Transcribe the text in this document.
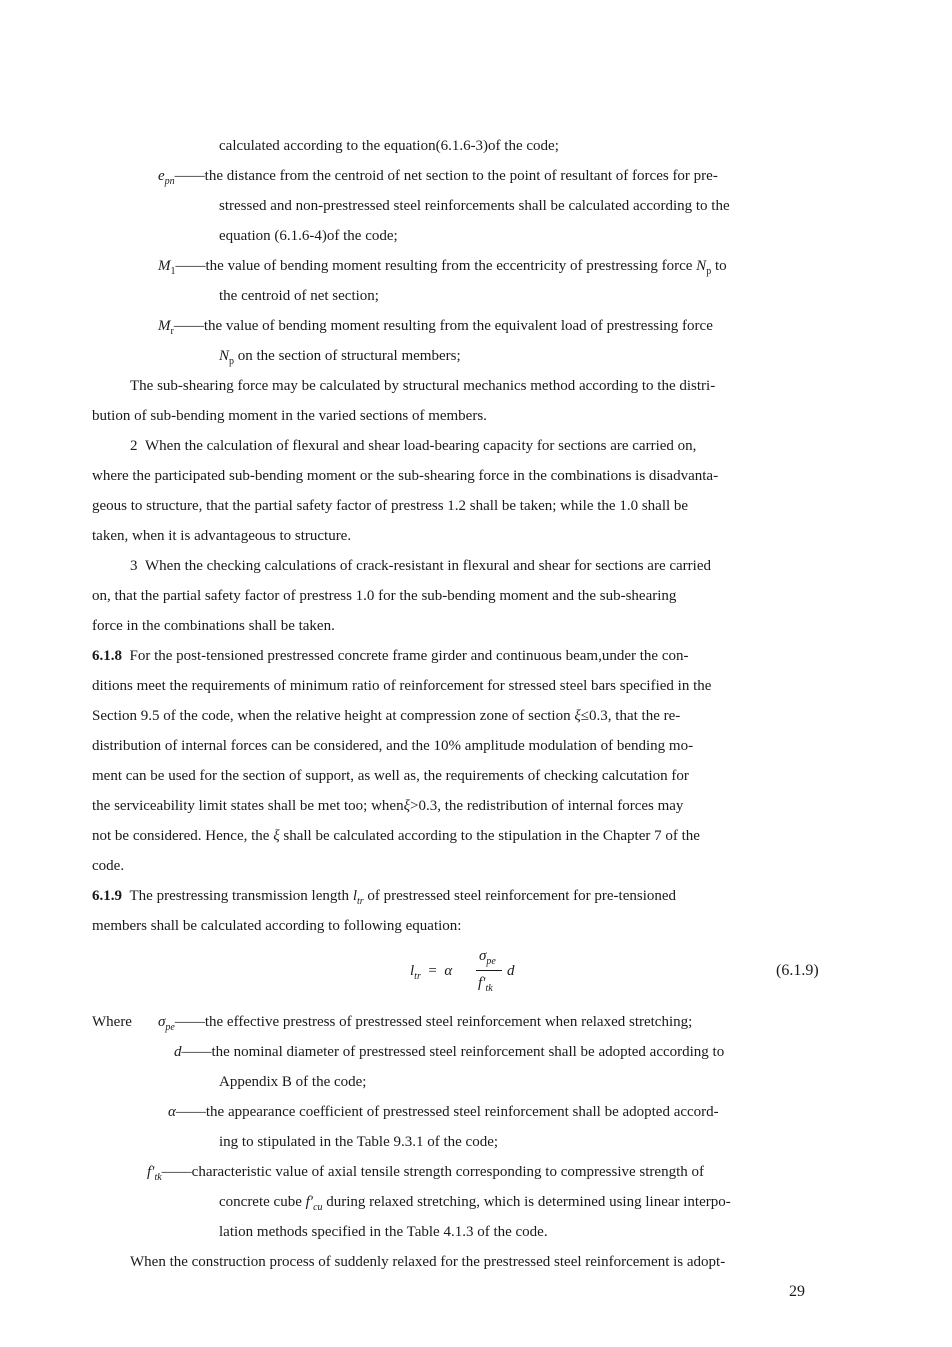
calculated according to the equation(6.1.6-3)of the code;
$e_{pn}——the$ distance from the centroid of net section to the point of resultant of forces for pre-
stressed and non-prestressed steel reinforcements shall be calculated according to the
equation (6.1.6-4)of the code;
$M_1——the$ value of bending moment resulting from the eccentricity of prestressing force $N_p$ to
the centroid of net section;
$M_r——the$ value of bending moment resulting from the equivalent load of prestressing force
$N_p$ on the section of structural members;
The sub-shearing force may be calculated by structural mechanics method according to the distri-
bution of sub-bending moment in the varied sections of members.
2 When the calculation of flexural and shear load-bearing capacity for sections are carried on,
where the participated sub-bending moment or the sub-shearing force in the combinations is disadvanta-
geous to structure, that the partial safety factor of prestress 1.2 shall be taken; while the 1.0 shall be
taken, when it is advantageous to structure.
3 When the checking calculations of crack-resistant in flexural and shear for sections are carried
on, that the partial safety factor of prestress 1.0 for the sub-bending moment and the sub-shearing
force in the combinations shall be taken.
6.1.8 For the post-tensioned prestressed concrete frame girder and continuous beam,under the con-
ditions meet the requirements of minimum ratio of reinforcement for stressed steel bars specified in the
Section 9.5 of the code, when the relative height at compression zone of section ξ≤0.3, that the re-
distribution of internal forces can be considered, and the 10% amplitude modulation of bending mo-
ment can be used for the section of support, as well as, the requirements of checking calcutation for
the serviceability limit states shall be met too; whenξ>0.3, the redistribution of internal forces may
not be considered. Hence, the ξ shall be calculated according to the stipulation in the Chapter 7 of the
code.
6.1.9 The prestressing transmission length $l_{tr}$ of prestressed steel reinforcement for pre-tensioned
members shall be calculated according to following equation:
$l_{tr} = \alpha$
$\sigma_{pe}$
$f'_{tk}$
d	(6.1.9)
Where $\sigma_{pe}——the$ effective prestress of prestressed steel reinforcement when relaxed stretching;
d——the nominal diameter of prestressed steel reinforcement shall be adopted according to
Appendix B of the code;
α——the appearance coefficient of prestressed steel reinforcement shall be adopted accord-
ing to stipulated in the Table 9.3.1 of the code;
$f'_{tk}——characteristic$ value of axial tensile strength corresponding to compressive strength of
concrete cube $f'_{cu}$ during relaxed stretching, which is determined using linear interpo-
lation methods specified in the Table 4.1.3 of the code.
When the construction process of suddenly relaxed for the prestressed steel reinforcement is adopt-
29
